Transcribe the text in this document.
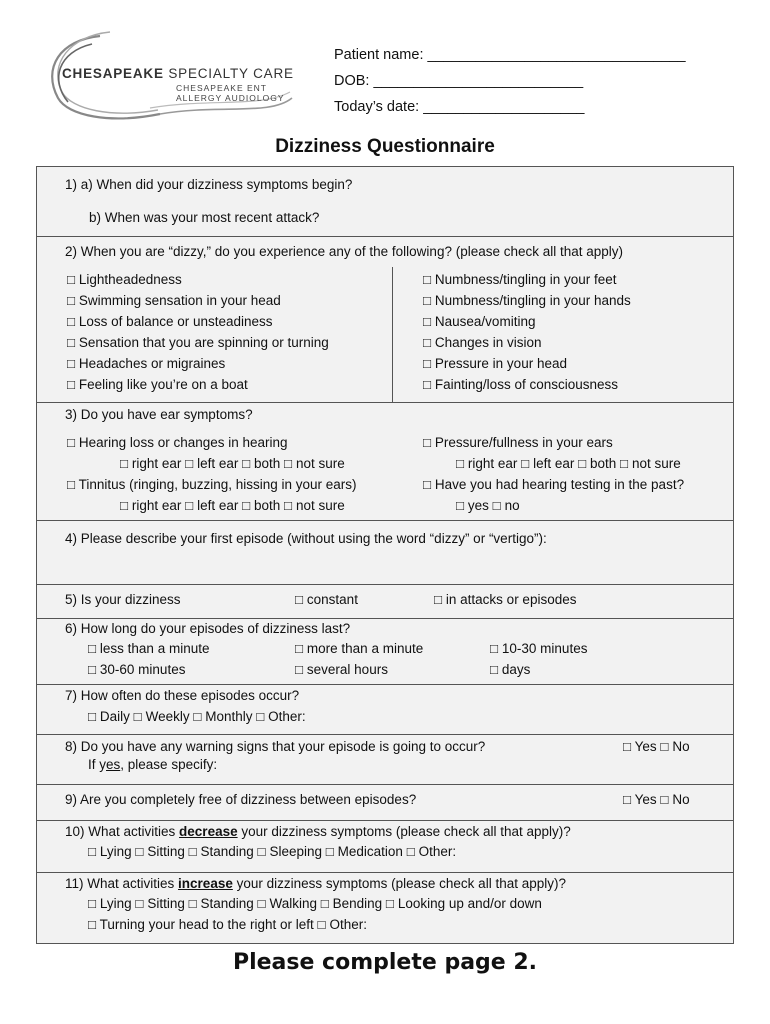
CHESAPEAKE SPECIALTY CARE
CHESAPEAKE ENT
ALLERGY AUDIOLOGY
Patient name: ________________________________
DOB: __________________________
Today’s date: ____________________
Dizziness Questionnaire
1) a) When did your dizziness symptoms begin?
b) When was your most recent attack?
2) When you are “dizzy,” do you experience any of the following? (please check all that apply)
□ Lightheadedness
□ Swimming sensation in your head
□ Loss of balance or unsteadiness
□ Sensation that you are spinning or turning
□ Headaches or migraines
□ Feeling like you’re on a boat
□ Numbness/tingling in your feet
□ Numbness/tingling in your hands
□ Nausea/vomiting
□ Changes in vision
□ Pressure in your head
□ Fainting/loss of consciousness
3) Do you have ear symptoms?
□ Hearing loss or changes in hearing
□ right ear □ left ear □ both □ not sure
□ Tinnitus (ringing, buzzing, hissing in your ears)
□ right ear □ left ear □ both □ not sure
□ Pressure/fullness in your ears
□ right ear □ left ear □ both □ not sure
□ Have you had hearing testing in the past?
□ yes □ no
4) Please describe your first episode (without using the word “dizzy” or “vertigo”):
5) Is your dizziness	□ constant	□ in attacks or episodes
6) How long do your episodes of dizziness last?
□ less than a minute	□ more than a minute	□ 10-30 minutes
□ 30-60 minutes	□ several hours	□ days
7) How often do these episodes occur?
□ Daily □ Weekly □ Monthly □ Other:
8) Do you have any warning signs that your episode is going to occur?	□ Yes □ No
If yes, please specify:
9) Are you completely free of dizziness between episodes?	□ Yes □ No
10) What activities decrease your dizziness symptoms (please check all that apply)?
□ Lying □ Sitting □ Standing □ Sleeping □ Medication □ Other:
11) What activities increase your dizziness symptoms (please check all that apply)?
□ Lying □ Sitting □ Standing □ Walking □ Bending □ Looking up and/or down
□ Turning your head to the right or left □ Other:
Please complete page 2.
